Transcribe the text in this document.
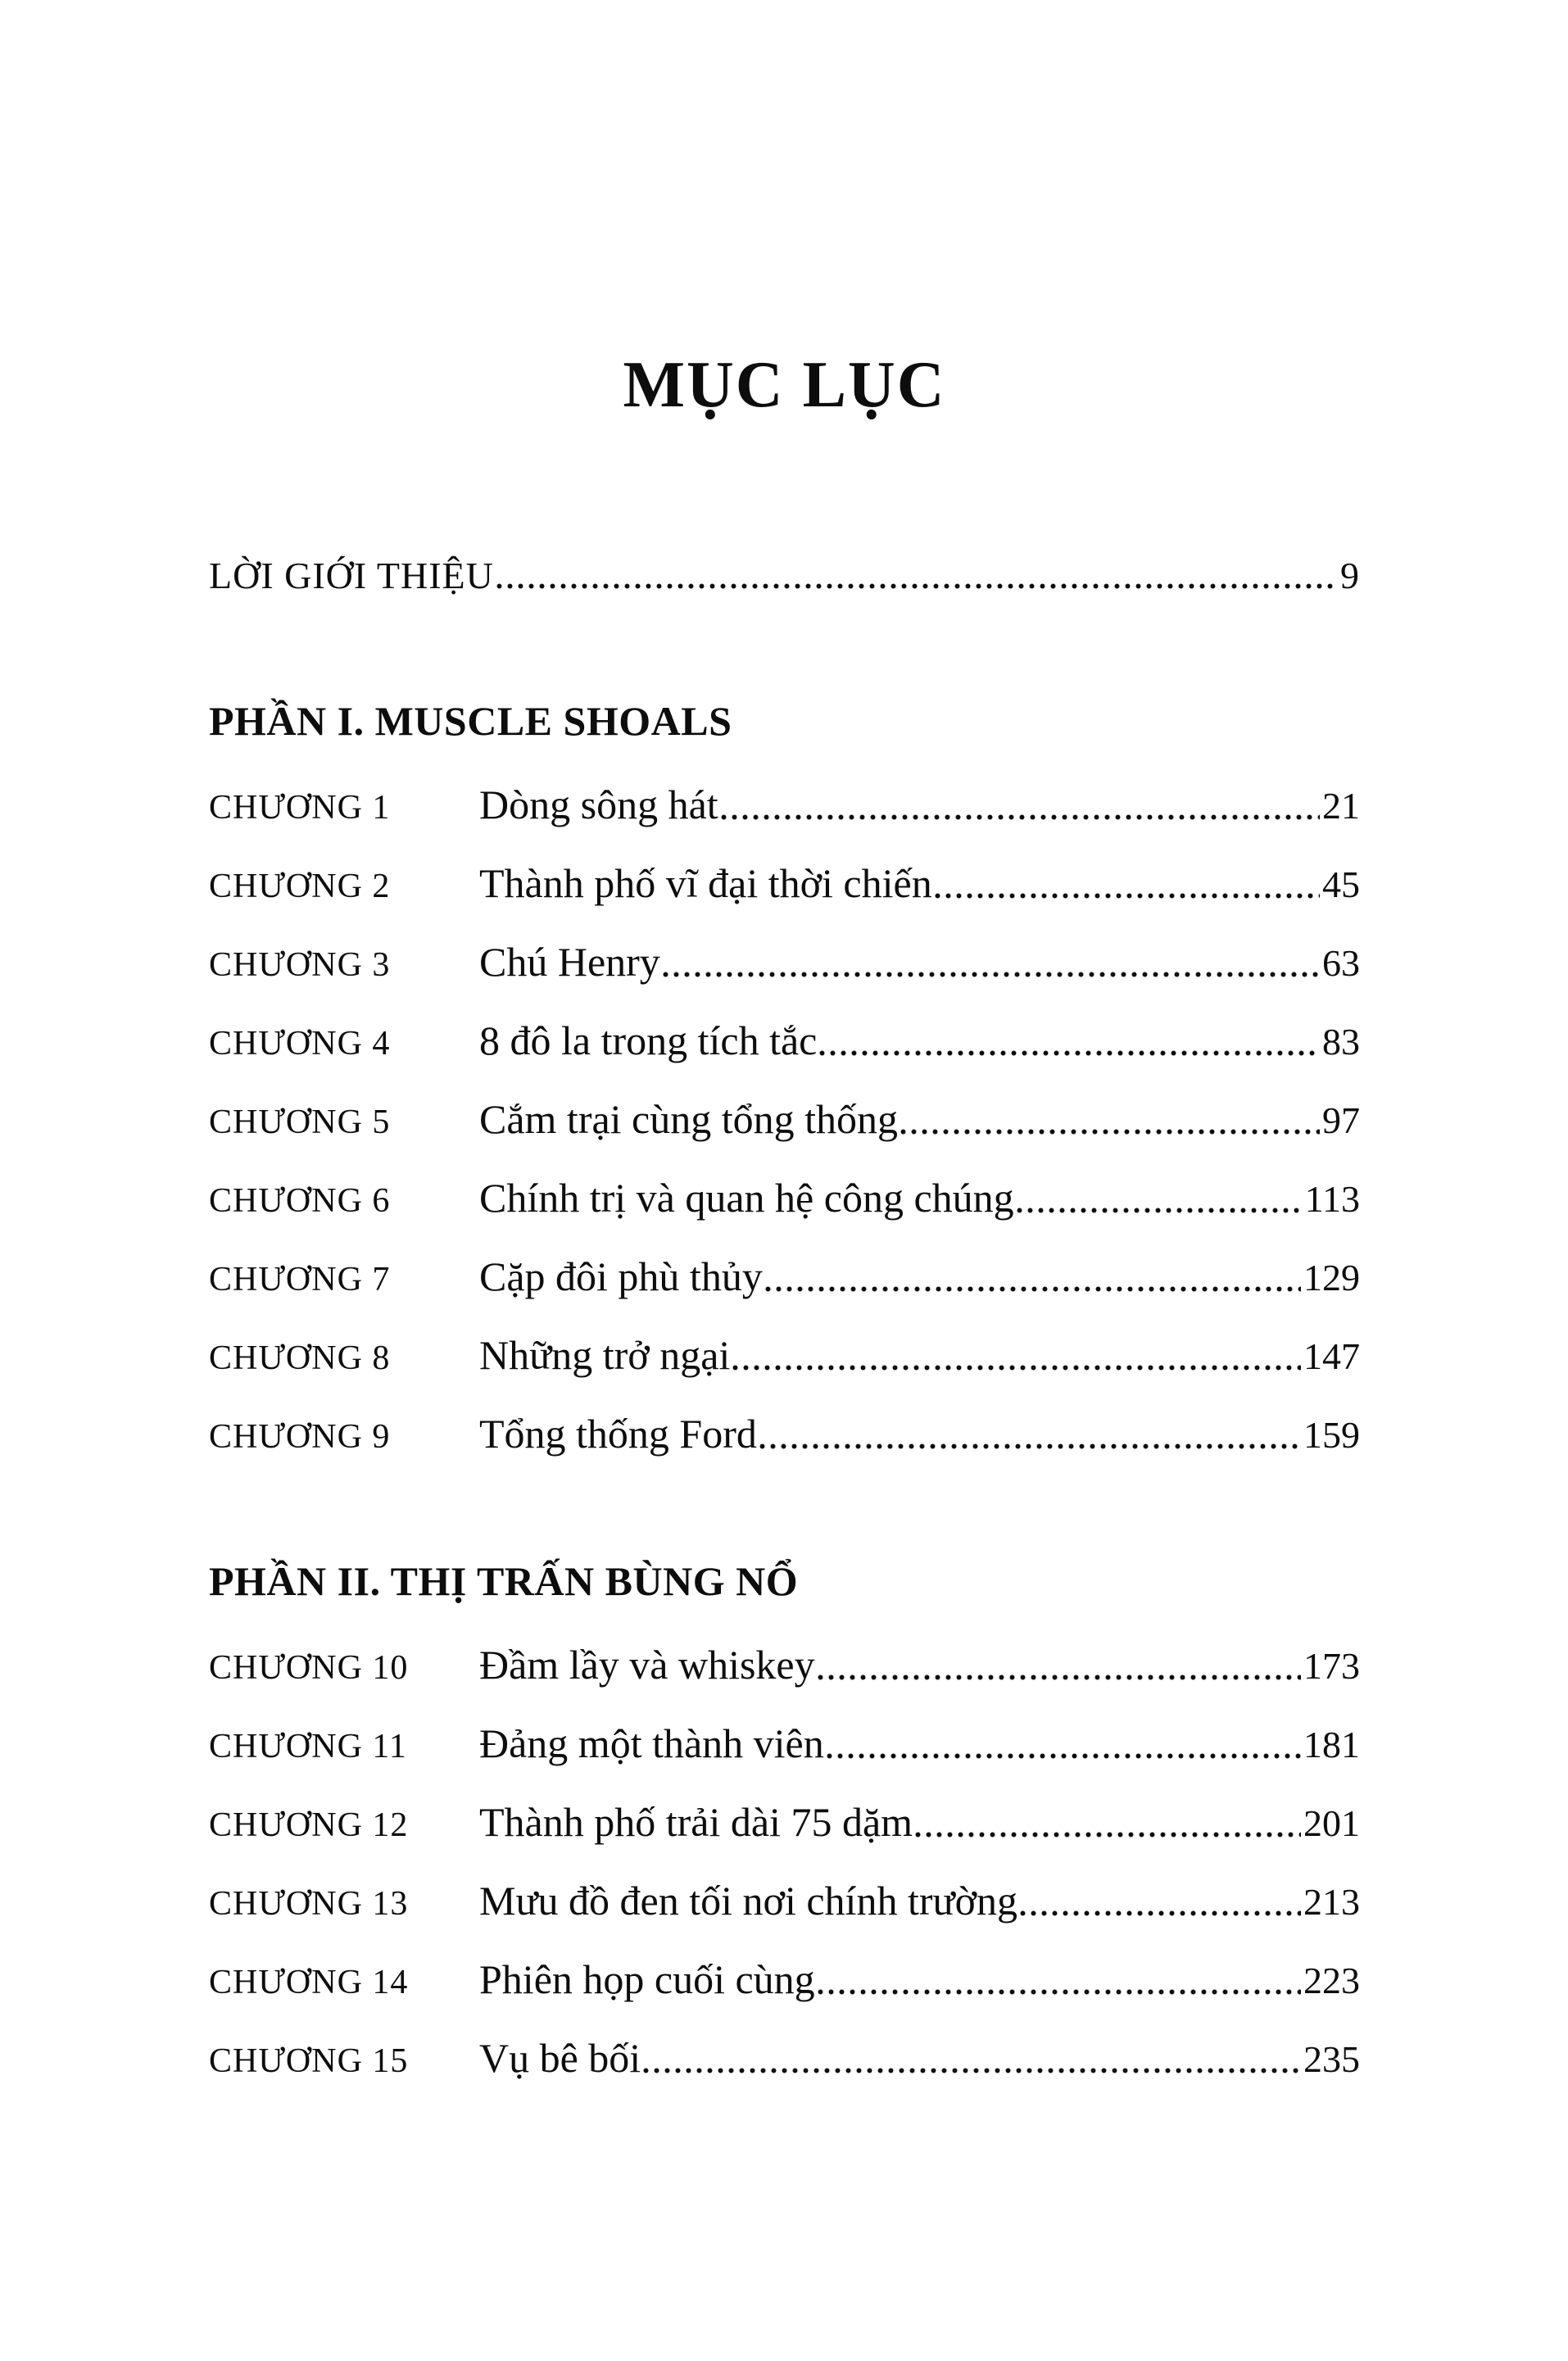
MỤC LỤC
LỜI GIỚI THIỆU	9
PHẦN I. MUSCLE SHOALS
CHƯƠNG 1	Dòng sông hát	21
CHƯƠNG 2	Thành phố vĩ đại thời chiến	45
CHƯƠNG 3	Chú Henry	63
CHƯƠNG 4	8 đô la trong tích tắc	83
CHƯƠNG 5	Cắm trại cùng tổng thống	97
CHƯƠNG 6	Chính trị và quan hệ công chúng	113
CHƯƠNG 7	Cặp đôi phù thủy	129
CHƯƠNG 8	Những trở ngại	147
CHƯƠNG 9	Tổng thống Ford	159
PHẦN II. THỊ TRẤN BÙNG NỔ
CHƯƠNG 10	Đầm lầy và whiskey	173
CHƯƠNG 11	Đảng một thành viên	181
CHƯƠNG 12	Thành phố trải dài 75 dặm	201
CHƯƠNG 13	Mưu đồ đen tối nơi chính trường	213
CHƯƠNG 14	Phiên họp cuối cùng	223
CHƯƠNG 15	Vụ bê bối	235
